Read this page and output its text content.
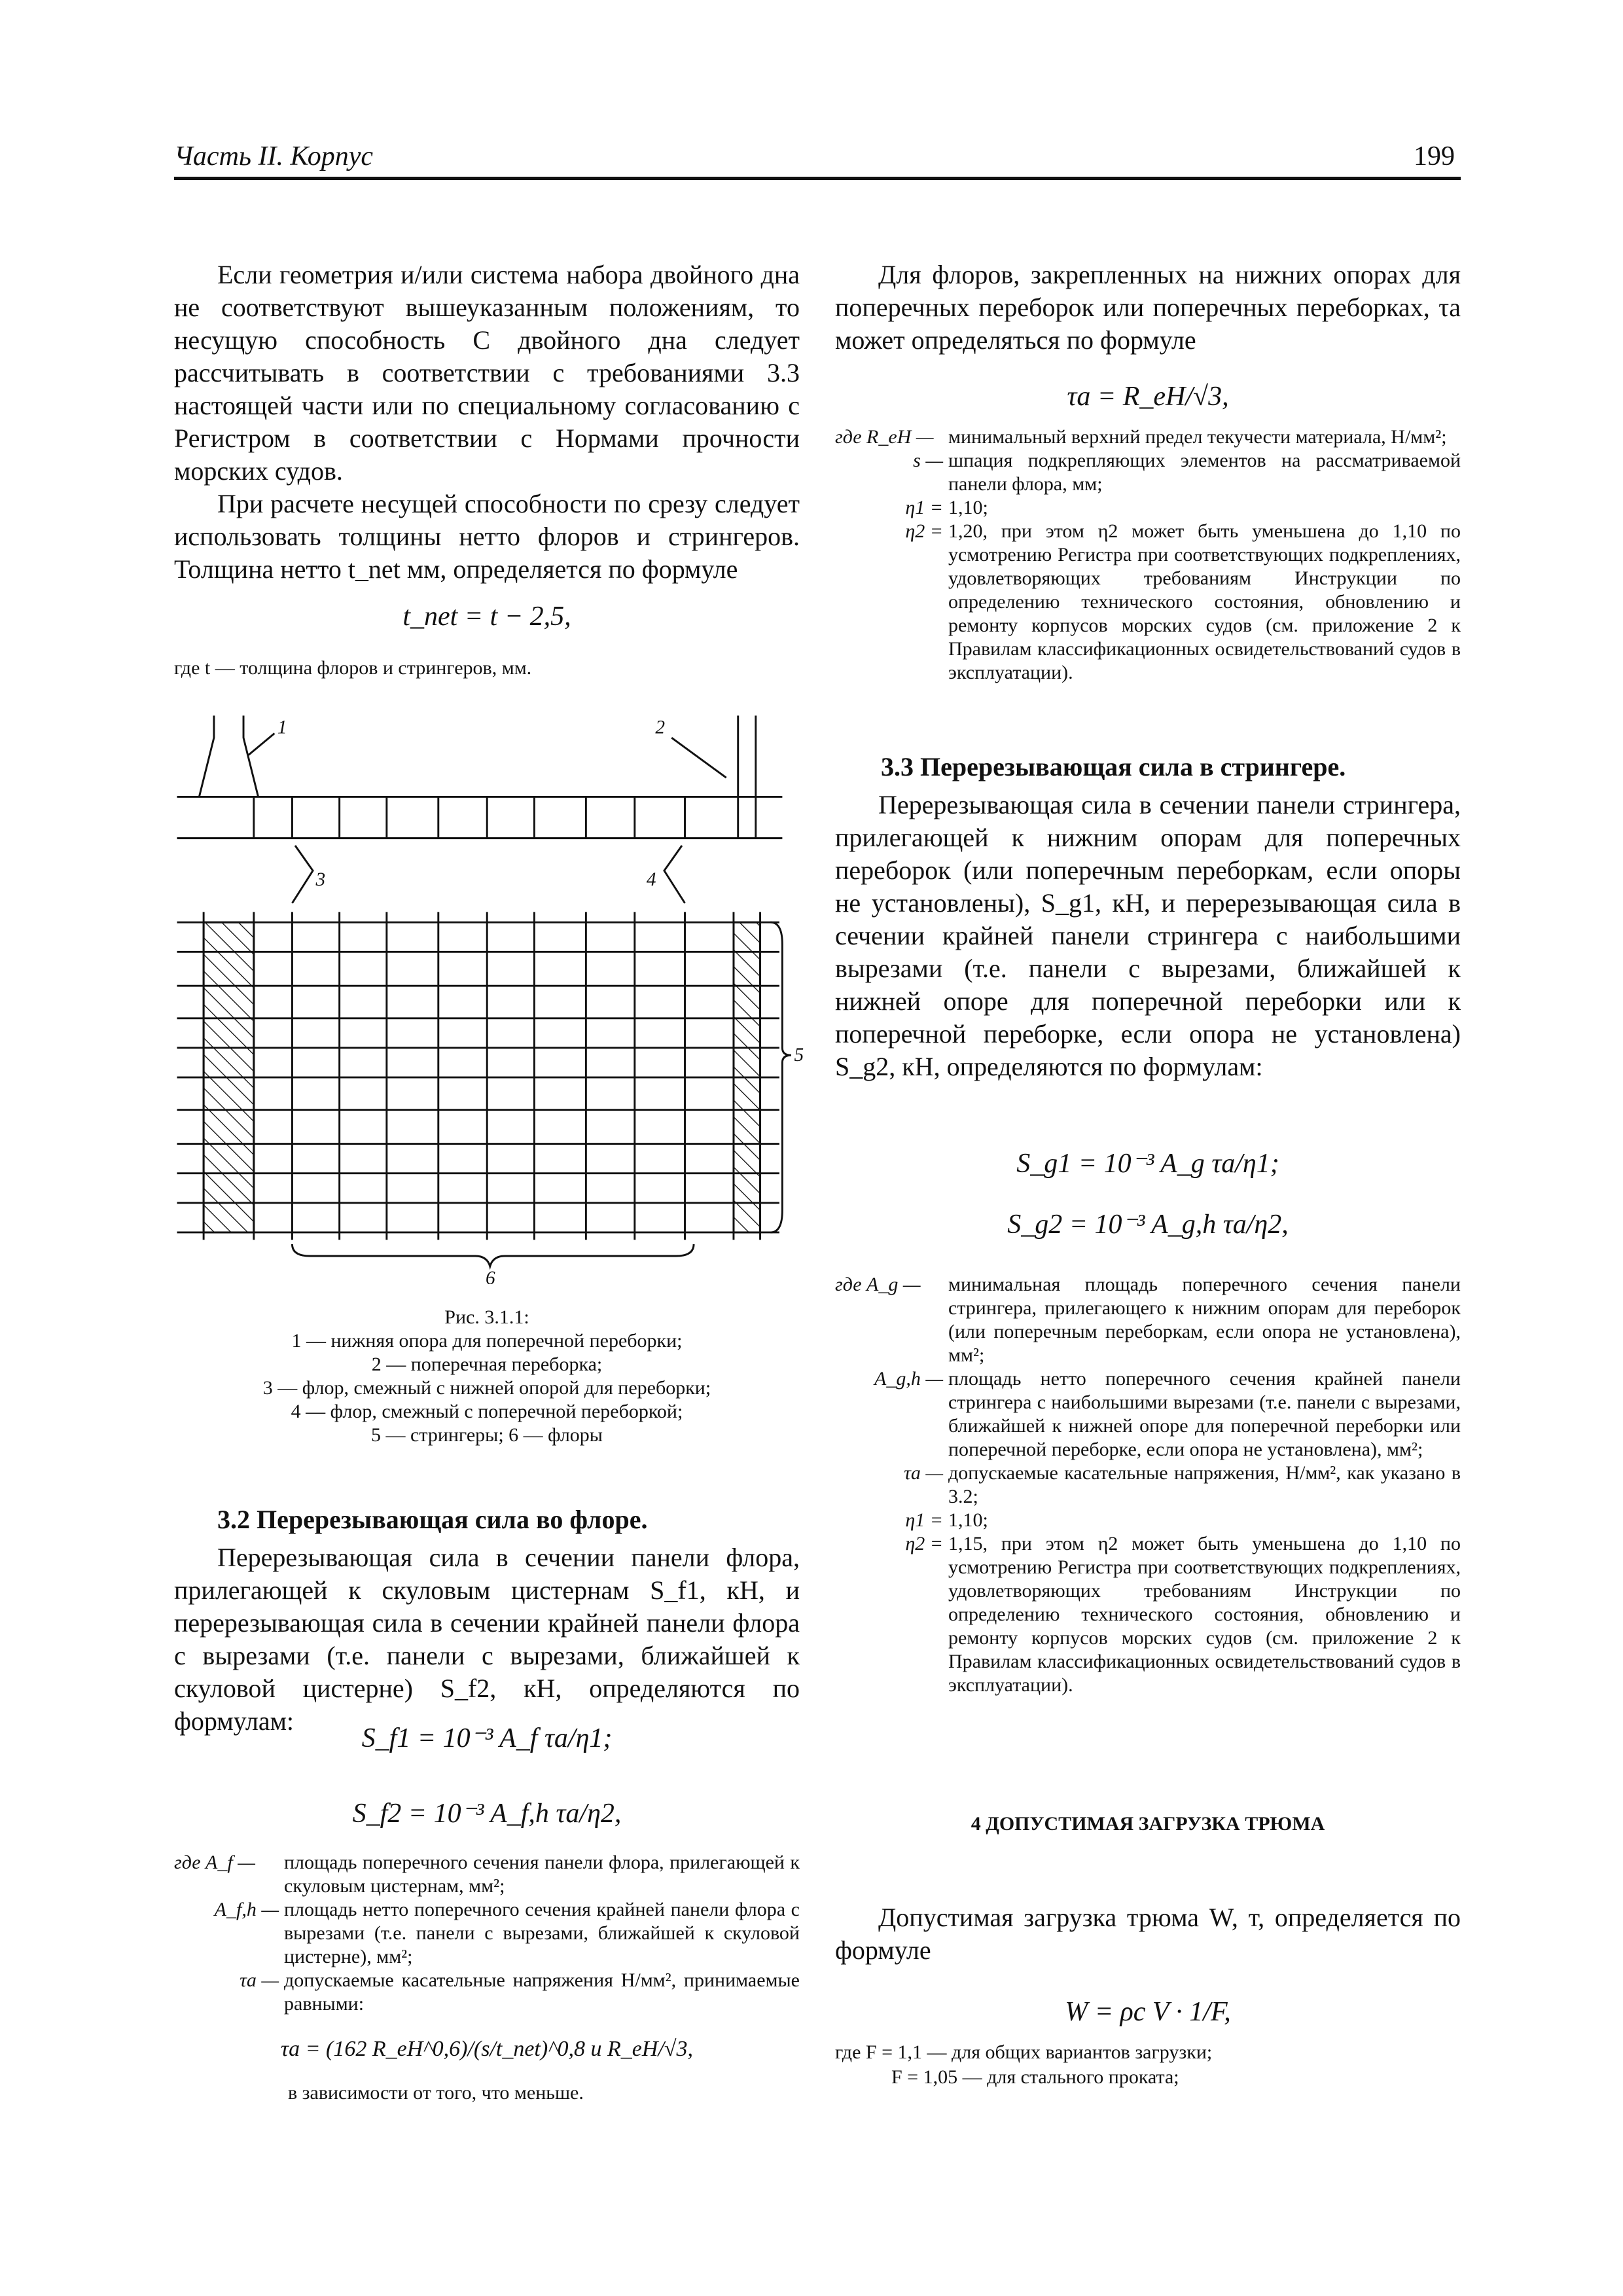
Часть II. Корпус	199
Если геометрия и/или система набора двойного дна не соответствуют вышеуказанным положениям, то несущую способность C двойного дна следует рассчитывать в соответствии с требованиями 3.3 настоящей части или по специальному согласованию с Регистром в соответствии с Нормами прочности морских судов.
При расчете несущей способности по срезу следует использовать толщины нетто флоров и стрингеров. Толщина нетто t_net мм, определяется по формуле
t_net = t − 2,5,
где t — толщина флоров и стрингеров, мм.
1	2
3	4
5
6
Рис. 3.1.1:
1 — нижняя опора для поперечной переборки;
2 — поперечная переборка;
3 — флор, смежный с нижней опорой для переборки;
4 — флор, смежный с поперечной переборкой;
5 — стрингеры; 6 — флоры
3.2 Перерезывающая сила во флоре.
Перерезывающая сила в сечении панели флора, прилегающей к скуловым цистернам S_f1, кН, и перерезывающая сила в сечении крайней панели флора с вырезами (т.е. панели с вырезами, ближайшей к скуловой цистерне) S_f2, кН, определяются по формулам:
S_f1 = 10⁻³ A_f τa/η1;
S_f2 = 10⁻³ A_f,h τa/η2,
где A_f —	площадь поперечного сечения панели флора, прилегающей к скуловым цистернам, мм²;
A_f,h — площадь нетто поперечного сечения крайней панели флора с вырезами (т.е. панели с вырезами, ближайшей к скуловой цистерне), мм²;
τa — допускаемые касательные напряжения Н/мм², принимаемые равными:
τa = (162 R_eH^0,6)/(s/t_net)^0,8 и R_eH/√3,
в зависимости от того, что меньше.
Для флоров, закрепленных на нижних опорах для поперечных переборок или поперечных переборках, τa может определяться по формуле
τa = R_eH/√3,
где R_eH — минимальный верхний предел текучести материала, Н/мм²;
s — шпация подкрепляющих элементов на рассматриваемой панели флора, мм;
η1 = 1,10;
η2 = 1,20, при этом η2 может быть уменьшена до 1,10 по усмотрению Регистра при соответствующих подкреплениях, удовлетворяющих требованиям Инструкции по определению технического состояния, обновлению и ремонту корпусов морских судов (см. приложение 2 к Правилам классификационных освидетельствований судов в эксплуатации).
3.3 Перерезывающая сила в стрингере.
Перерезывающая сила в сечении панели стрингера, прилегающей к нижним опорам для поперечных переборок (или поперечным переборкам, если опоры не установлены), S_g1, кН, и перерезывающая сила в сечении крайней панели стрингера с наибольшими вырезами (т.е. панели с вырезами, ближайшей к нижней опоре для поперечной переборки или к поперечной переборке, если опора не установлена) S_g2, кН, определяются по формулам:
S_g1 = 10⁻³ A_g τa/η1;
S_g2 = 10⁻³ A_g,h τa/η2,
где A_g —	минимальная площадь поперечного сечения панели стрингера, прилегающего к нижним опорам для переборок (или поперечным переборкам, если опора не установлена), мм²;
A_g,h — площадь нетто поперечного сечения крайней панели стрингера с наибольшими вырезами (т.е. панели с вырезами, ближайшей к нижней опоре для поперечной переборки или поперечной переборке, если опора не установлена), мм²;
τa — допускаемые касательные напряжения, Н/мм², как указано в 3.2;
η1 = 1,10;
η2 = 1,15, при этом η2 может быть уменьшена до 1,10 по усмотрению Регистра при соответствующих подкреплениях, удовлетворяющих требованиям Инструкции по определению технического состояния, обновлению и ремонту корпусов морских судов (см. приложение 2 к Правилам классификационных освидетельствований судов в эксплуатации).
4 ДОПУСТИМАЯ ЗАГРУЗКА ТРЮМА
Допустимая загрузка трюма W, т, определяется по формуле
W = ρc V · 1/F,
где F = 1,1 — для общих вариантов загрузки;
F = 1,05 — для стального проката;
